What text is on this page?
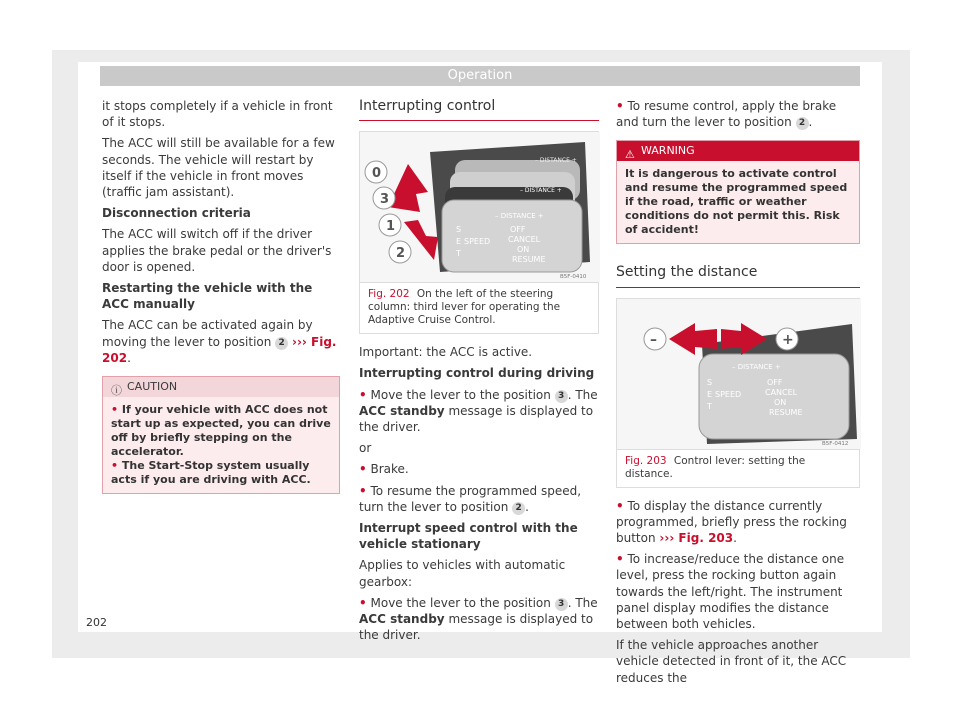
Operation

it stops completely if a vehicle in front of it stops.

The ACC will still be available for a few seconds. The vehicle will restart by itself if the vehicle in front moves (traffic jam assistant).

Disconnection criteria

The ACC will switch off if the driver applies the brake pedal or the driver's door is opened.

Restarting the vehicle with the ACC manually

The ACC can be activated again by moving the lever to position 2 ››› Fig. 202.

ⓘ CAUTION
• If your vehicle with ACC does not start up as expected, you can drive off by briefly stepping on the accelerator.
• The Start-Stop system usually acts if you are driving with ACC.
Interrupting control
– DISTANCE +
– DISTANCE +
– DISTANCE +
S
E
T
SPEED
OFF
CANCEL
ON
RESUME
0
3
1
2
B5F-0410
Fig. 202 On the left of the steering column: third lever for operating the Adaptive Cruise Control.

Important: the ACC is active.

Interrupting control during driving

• Move the lever to the position 3 . The ACC standby message is displayed to the driver.

or

• Brake.

• To resume the programmed speed, turn the lever to position 2 .

Interrupt speed control with the vehicle stationary

Applies to vehicles with automatic gearbox:

• Move the lever to the position 3 . The ACC standby message is displayed to the driver.

• To resume control, apply the brake and turn the lever to position 2 .

⚠ WARNING
It is dangerous to activate control and resume the programmed speed if the road, traffic or weather conditions do not permit this. Risk of accident!
Setting the distance
– DISTANCE +
S
E
T
SPEED
OFF
CANCEL
ON
RESUME
–	+
B5F-0412
Fig. 203 Control lever: setting the distance.

• To display the distance currently programmed, briefly press the rocking button ››› Fig. 203.

• To increase/reduce the distance one level, press the rocking button again towards the left/right. The instrument panel display modifies the distance between both vehicles.

If the vehicle approaches another vehicle detected in front of it, the ACC reduces the

202
